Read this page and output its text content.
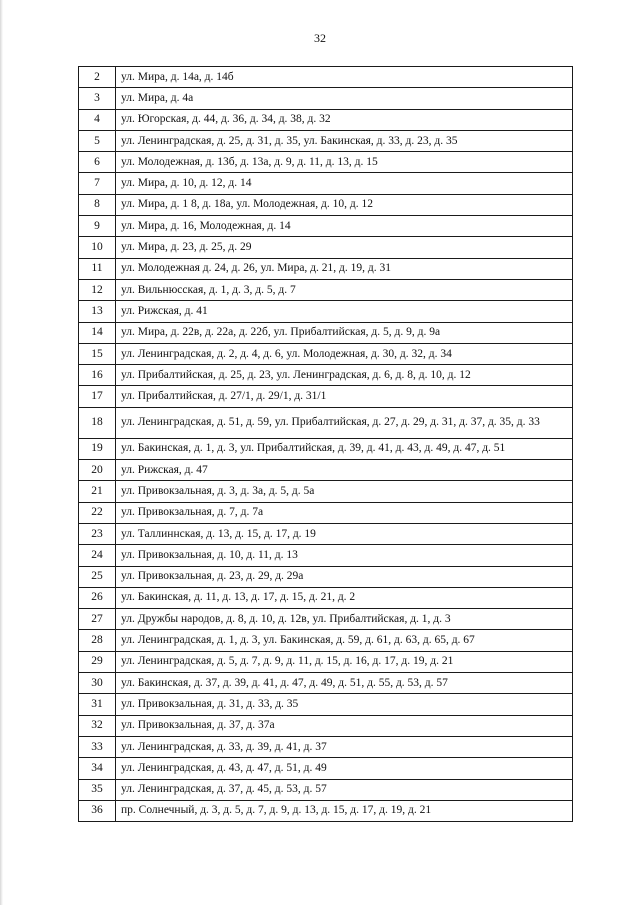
32
2	ул. Мира, д. 14а, д. 14б
3	ул. Мира, д. 4а
4	ул. Югорская, д. 44, д. 36, д. 34, д. 38, д. 32
5	ул. Ленинградская, д. 25, д. 31, д. 35, ул. Бакинская, д. 33, д. 23, д. 35
6	ул. Молодежная, д. 13б, д. 13а, д. 9, д. 11, д. 13, д. 15
7	ул. Мира, д. 10, д. 12, д. 14
8	ул. Мира, д. 1 8, д. 18а, ул. Молодежная, д. 10, д. 12
9	ул. Мира, д. 16, Молодежная, д. 14
10	ул. Мира, д. 23, д. 25, д. 29
11	ул. Молодежная д. 24, д. 26, ул. Мира, д. 21, д. 19, д. 31
12	ул. Вильнюсская, д. 1, д. 3, д. 5, д. 7
13	ул. Рижская, д. 41
14	ул. Мира, д. 22в, д. 22а, д. 22б, ул. Прибалтийская, д. 5, д. 9, д. 9а
15	ул. Ленинградская, д. 2, д. 4, д. 6, ул. Молодежная, д. 30, д. 32, д. 34
16	ул. Прибалтийская, д. 25, д. 23, ул. Ленинградская, д. 6, д. 8, д. 10, д. 12
17	ул. Прибалтийская, д. 27/1, д. 29/1, д. 31/1
18	ул. Ленинградская, д. 51, д. 59, ул. Прибалтийская, д. 27, д. 29, д. 31, д. 37, д. 35, д. 33
19	ул. Бакинская, д. 1, д. 3, ул. Прибалтийская, д. 39, д. 41, д. 43, д. 49, д. 47, д. 51
20	ул. Рижская, д. 47
21	ул. Привокзальная, д. 3, д. 3а, д. 5, д. 5а
22	ул. Привокзальная, д. 7, д. 7а
23	ул. Таллиннская, д. 13, д. 15, д. 17, д. 19
24	ул. Привокзальная, д. 10, д. 11, д. 13
25	ул. Привокзальная, д. 23, д. 29, д. 29а
26	ул. Бакинская, д. 11, д. 13, д. 17, д. 15, д. 21, д. 2
27	ул. Дружбы народов, д. 8, д. 10, д. 12в, ул. Прибалтийская, д. 1, д. 3
28	ул. Ленинградская, д. 1, д. 3, ул. Бакинская, д. 59, д. 61, д. 63, д. 65, д. 67
29	ул. Ленинградская, д. 5, д. 7, д. 9, д. 11, д. 15, д. 16, д. 17, д. 19, д. 21
30	ул. Бакинская, д. 37, д. 39, д. 41, д. 47, д. 49, д. 51, д. 55, д. 53, д. 57
31	ул. Привокзальная, д. 31, д. 33, д. 35
32	ул. Привокзальная, д. 37, д. 37а
33	ул. Ленинградская, д. 33, д. 39, д. 41, д. 37
34	ул. Ленинградская, д. 43, д. 47, д. 51, д. 49
35	ул. Ленинградская, д. 37, д. 45, д. 53, д. 57
36	пр. Солнечный, д. 3, д. 5, д. 7, д. 9, д. 13, д. 15, д. 17, д. 19, д. 21
